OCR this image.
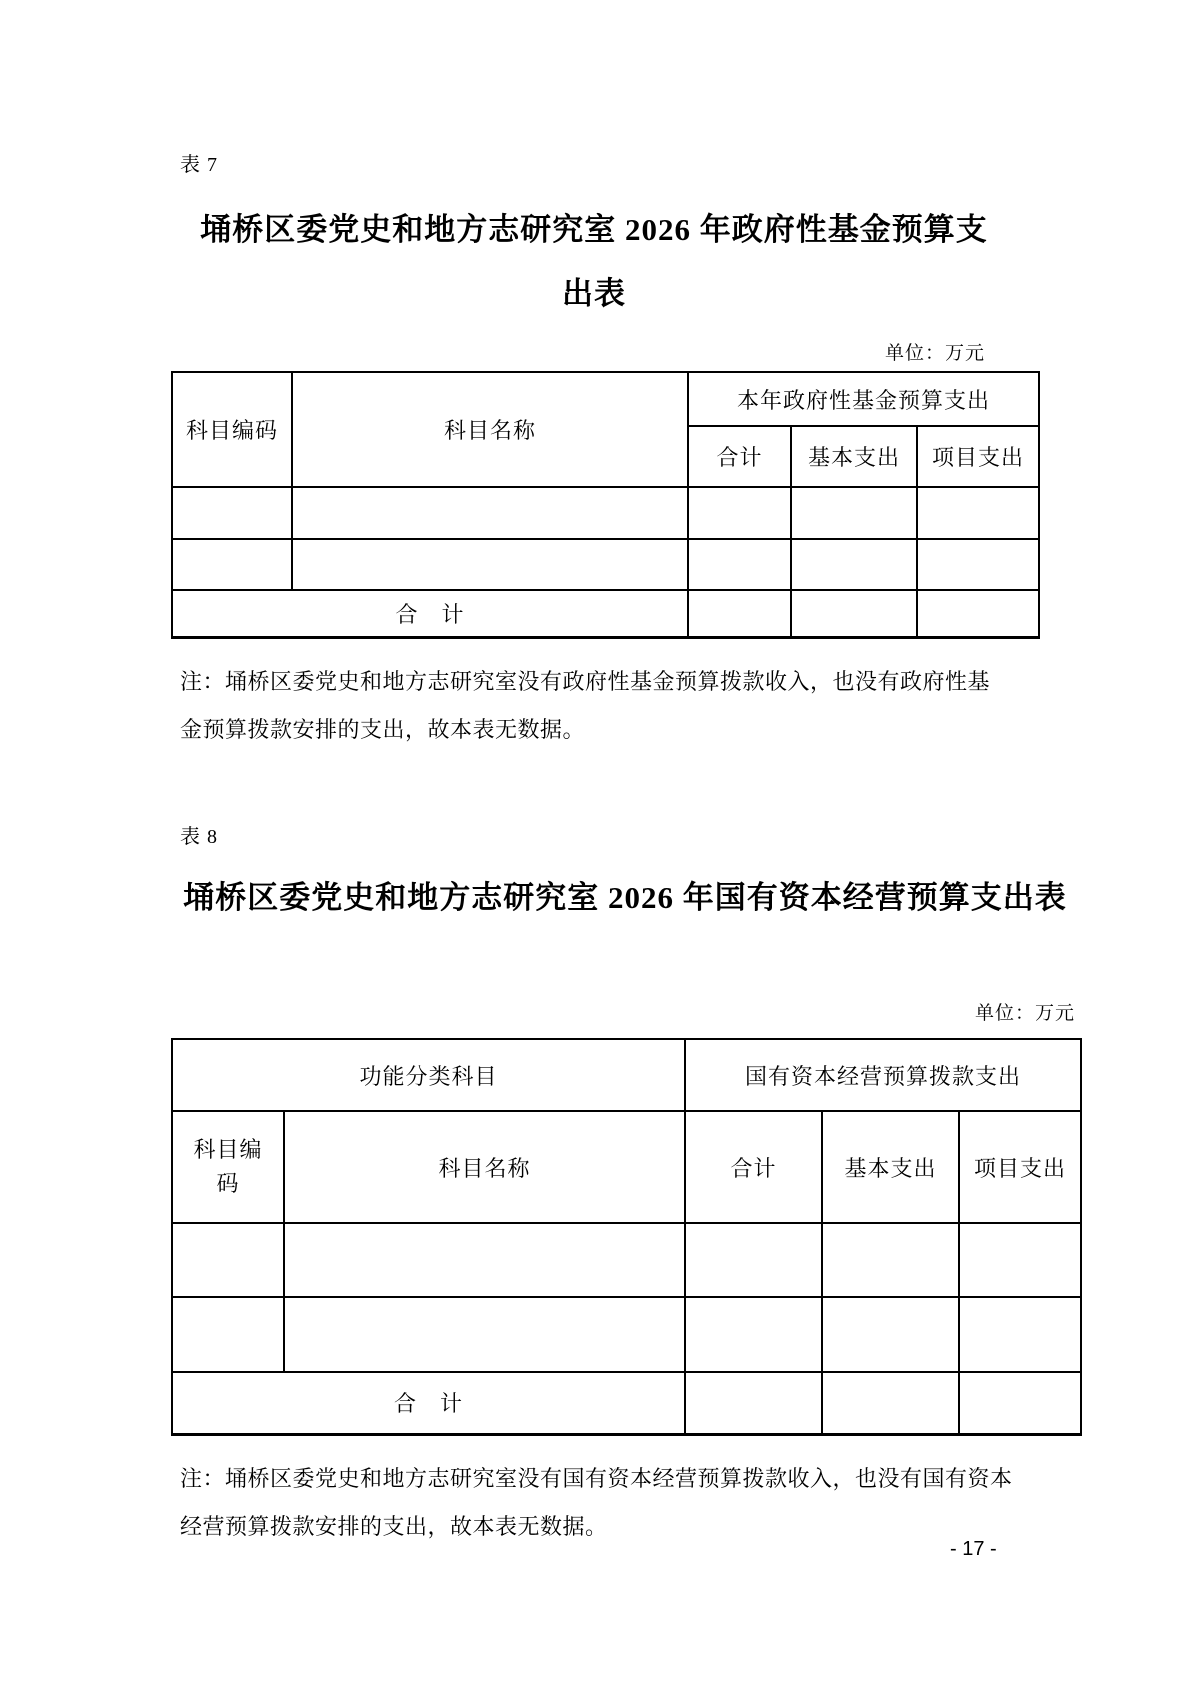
表 7
埇桥区委党史和地方志研究室 2026 年政府性基金预算支
出表
单位：万元
科目编码	科目名称	本年政府性基金预算支出		
		合计	基本支出	项目支出

合　计				
注：埇桥区委党史和地方志研究室没有政府性基金预算拨款收入，也没有政府性基
金预算拨款安排的支出，故本表无数据。
表 8
埇桥区委党史和地方志研究室 2026 年国有资本经营预算支出表
单位：万元
功能分类科目		国有资本经营预算拨款支出		

科目编
码	科目名称	合计	基本支出	项目支出

合　计				
注：埇桥区委党史和地方志研究室没有国有资本经营预算拨款收入，也没有国有资本
经营预算拨款安排的支出，故本表无数据。
- 17 -
